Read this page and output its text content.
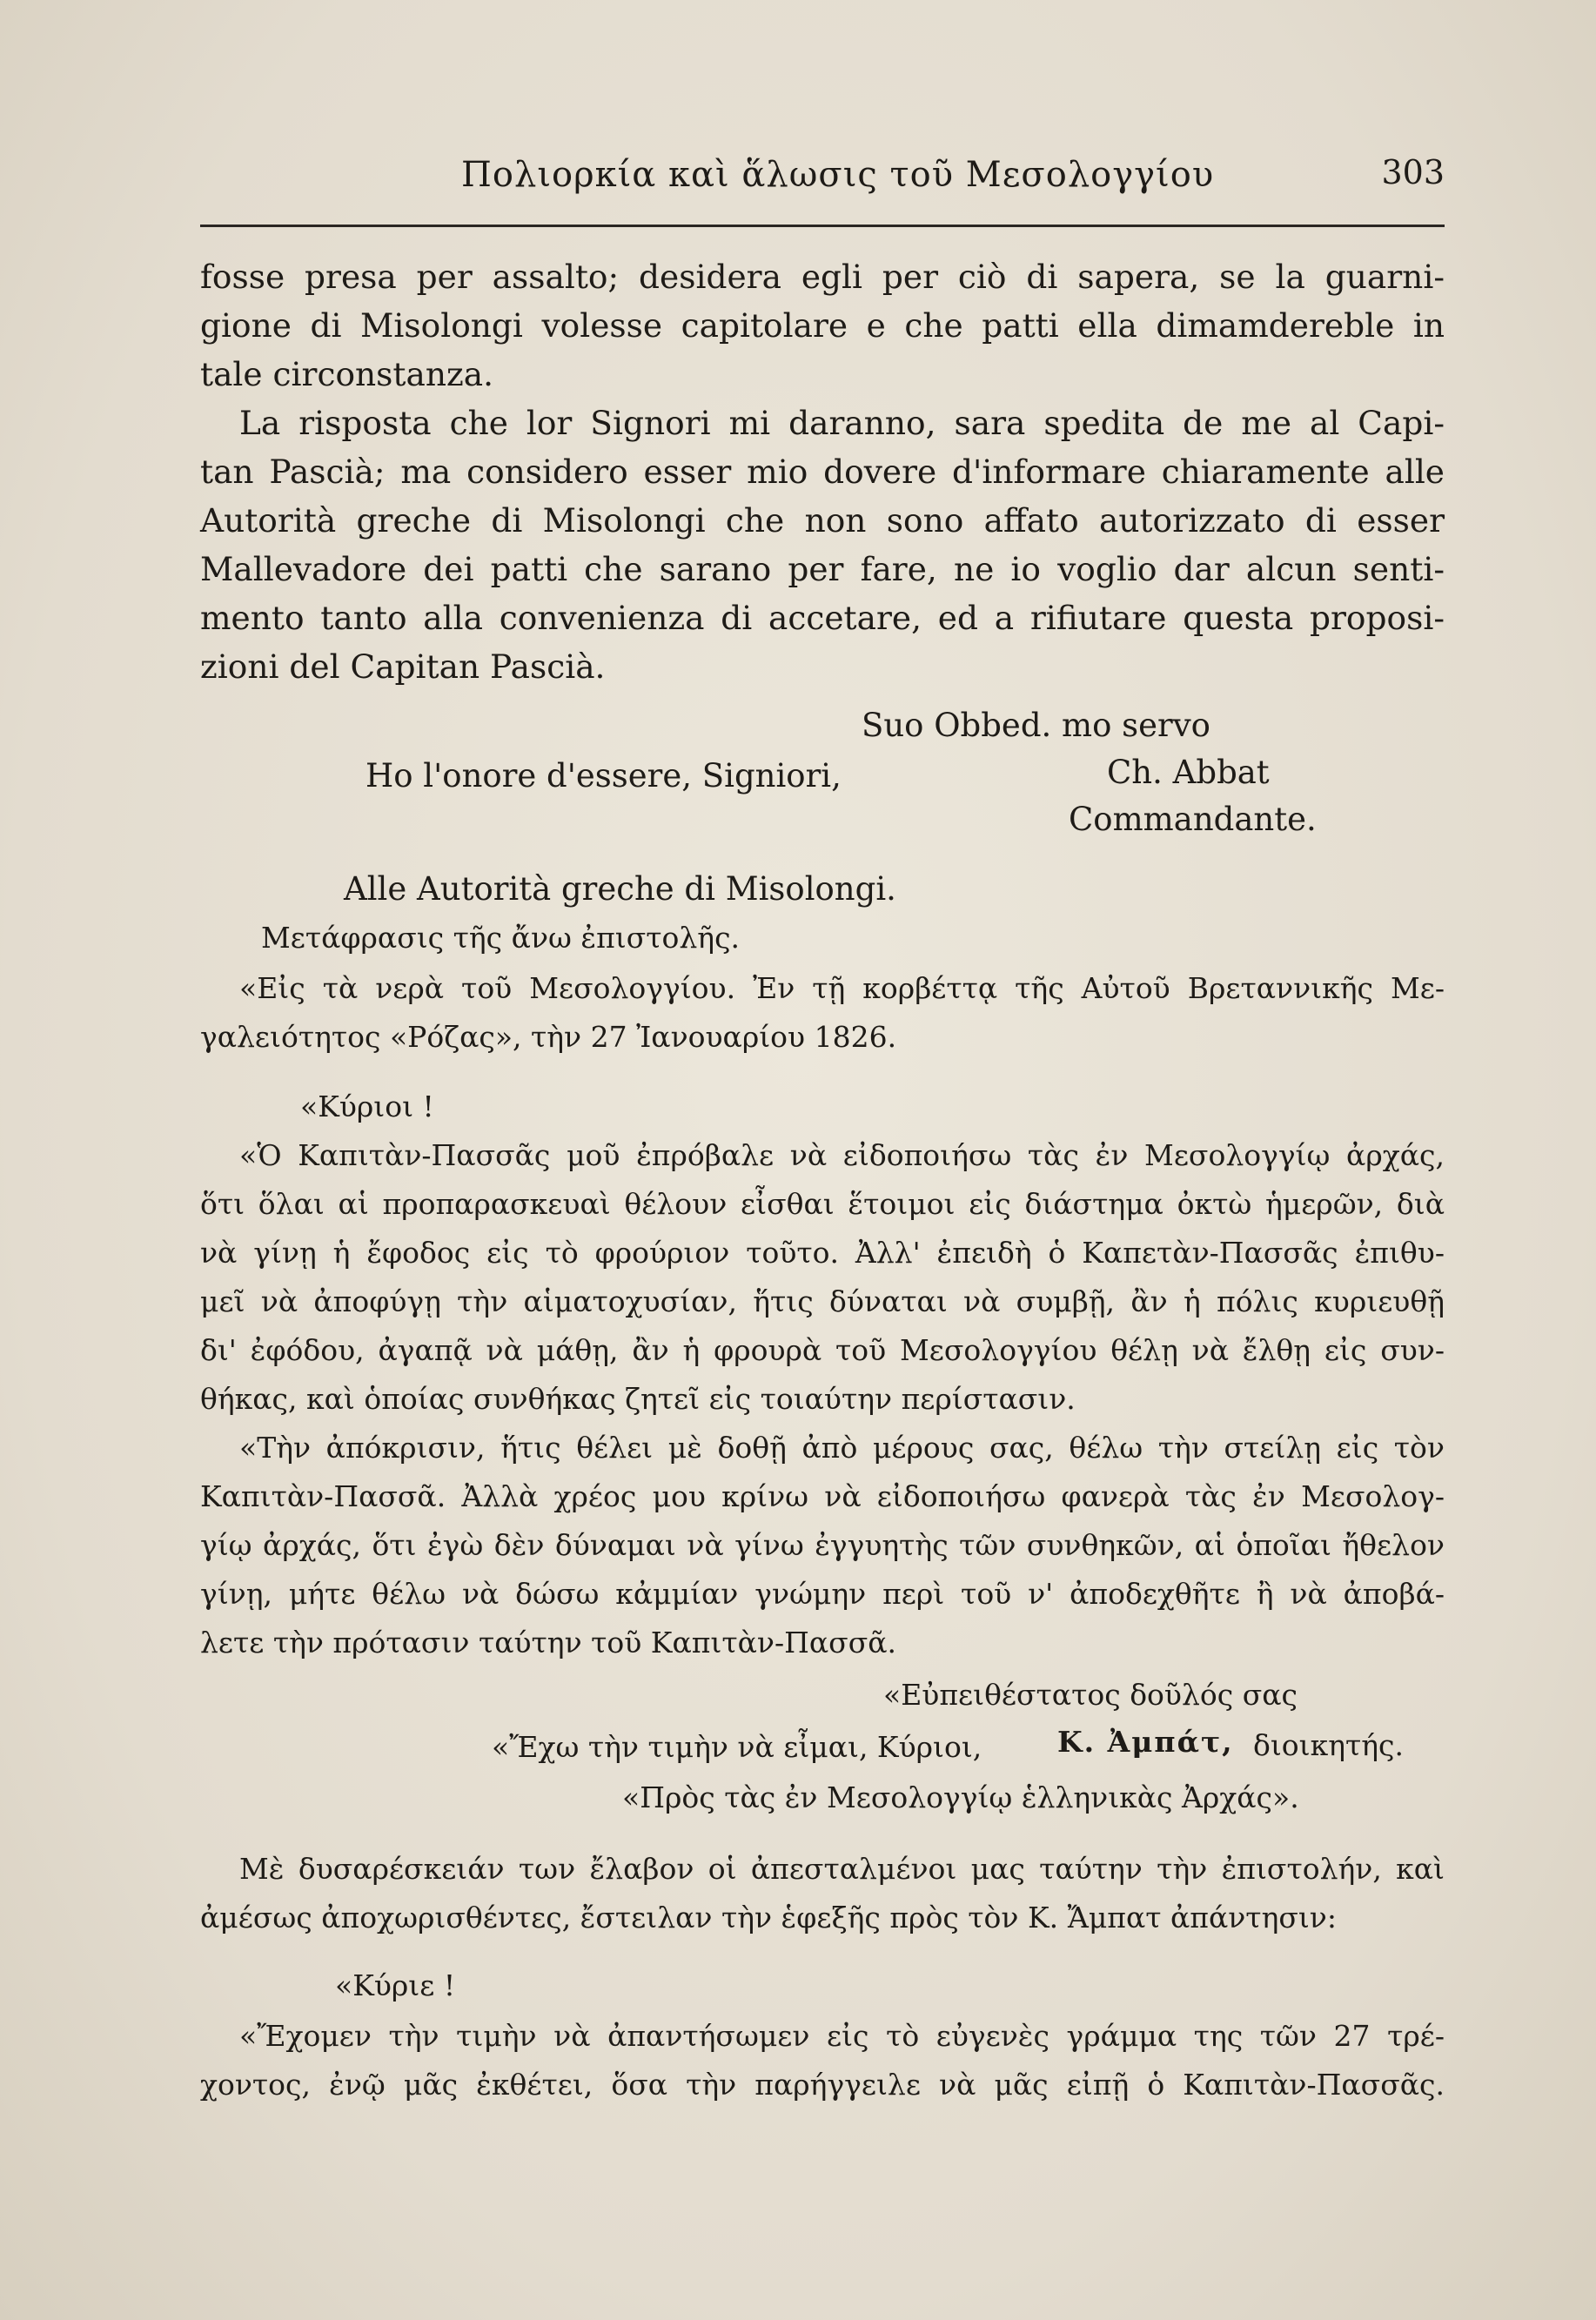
Πολιορκία καὶ ἅλωσις τοῦ Μεσολογγίου	303
fosse presa per assalto; desidera egli per ciò di sapera, se la guarni-
gione di Misolongi volesse capitolare e che patti ella dimamdereble in
tale circonstanza.
La risposta che lor Signori mi daranno, sara spedita de me al Capi-
tan Pascià; ma considero esser mio dovere d'informare chiaramente alle
Autorità greche di Misolongi che non sono affato autorizzato di esser
Mallevadore dei patti che sarano per fare, ne io voglio dar alcun senti-
mento tanto alla convenienza di accetare, ed a rifiutare questa proposi-
zioni del Capitan Pascià.
Suo Obbed. mo servo
Ho l'onore d'essere, Signiori,	Ch. Abbat
Commandante.
Alle Autorità greche di Misolongi.
Μετάφρασις τῆς ἄνω ἐπιστολῆς.
«Εἰς τὰ νερὰ τοῦ Μεσολογγίου. Ἐν τῇ κορβέττᾳ τῆς Αὐτοῦ Βρεταννικῆς Με-
γαλειότητος «Ρόζας», τὴν 27 Ἰανουαρίου 1826.
«Κύριοι !
«Ὁ Καπιτὰν-Πασσᾶς μοῦ ἐπρόβαλε νὰ εἰδοποιήσω τὰς ἐν Μεσολογγίῳ ἀρχάς,
ὅτι ὅλαι αἱ προπαρασκευαὶ θέλουν εἶσθαι ἕτοιμοι εἰς διάστημα ὀκτὼ ἡμερῶν, διὰ
νὰ γίνῃ ἡ ἔφοδος εἰς τὸ φρούριον τοῦτο. Ἀλλ' ἐπειδὴ ὁ Καπετὰν-Πασσᾶς ἐπιθυ-
μεῖ νὰ ἀποφύγῃ τὴν αἱματοχυσίαν, ἥτις δύναται νὰ συμβῇ, ἂν ἡ πόλις κυριευθῇ
δι' ἐφόδου, ἀγαπᾷ νὰ μάθῃ, ἂν ἡ φρουρὰ τοῦ Μεσολογγίου θέλῃ νὰ ἔλθῃ εἰς συν-
θήκας, καὶ ὁποίας συνθήκας ζητεῖ εἰς τοιαύτην περίστασιν.
«Τὴν ἀπόκρισιν, ἥτις θέλει μὲ δοθῇ ἀπὸ μέρους σας, θέλω τὴν στείλῃ εἰς τὸν
Καπιτὰν-Πασσᾶ. Ἀλλὰ χρέος μου κρίνω νὰ εἰδοποιήσω φανερὰ τὰς ἐν Μεσολογ-
γίῳ ἀρχάς, ὅτι ἐγὼ δὲν δύναμαι νὰ γίνω ἐγγυητὴς τῶν συνθηκῶν, αἱ ὁποῖαι ἤθελον
γίνῃ, μήτε θέλω νὰ δώσω κἀμμίαν γνώμην περὶ τοῦ ν' ἀποδεχθῆτε ἢ νὰ ἀποβά-
λετε τὴν πρότασιν ταύτην τοῦ Καπιτὰν-Πασσᾶ.
«Εὐπειθέστατος δοῦλός σας
«Ἔχω τὴν τιμὴν νὰ εἶμαι, Κύριοι,	Κ. Ἀμπάτ, διοικητής.
«Πρὸς τὰς ἐν Μεσολογγίῳ ἑλληνικὰς Ἀρχάς».
Μὲ δυσαρέσκειάν των ἔλαβον οἱ ἀπεσταλμένοι μας ταύτην τὴν ἐπιστολήν, καὶ
ἀμέσως ἀποχωρισθέντες, ἔστειλαν τὴν ἑφεξῆς πρὸς τὸν Κ. Ἄμπατ ἀπάντησιν:
«Κύριε !
«Ἔχομεν τὴν τιμὴν νὰ ἀπαντήσωμεν εἰς τὸ εὐγενὲς γράμμα της τῶν 27 τρέ-
χοντος, ἐνῷ μᾶς ἐκθέτει, ὅσα τὴν παρήγγειλε νὰ μᾶς εἰπῇ ὁ Καπιτὰν-Πασσᾶς.
